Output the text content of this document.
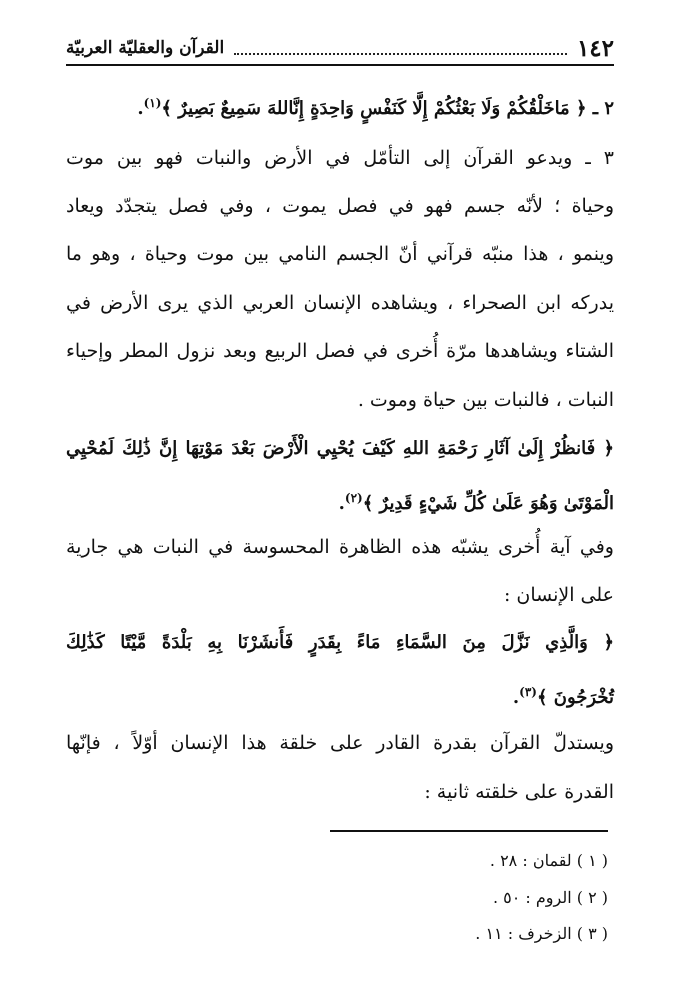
١٤٢
القرآن والعقليّة العربيّة
٢ ـ ﴿ مَاخَلْقُكُمْ وَلَا بَعْثُكُمْ إِلَّا كَنَفْسٍ وَاحِدَةٍ إِنَّاللهَ سَمِيعٌ بَصِيرٌ ﴾$^{(١)}$.
٣ ـ ويدعو القرآن إلى التأمّل في الأرض والنبات فهو بين موت
وحياة ؛ لأنّه جسم فهو في فصل يموت ، وفي فصل يتجدّد ويعاد
وينمو ، هذا منبّه قرآني أنّ الجسم النامي بين موت وحياة ، وهو ما
يدركه ابن الصحراء ، ويشاهده الإنسان العربي الذي يرى الأرض في
الشتاء ويشاهدها مرّة أُخرى في فصل الربيع وبعد نزول المطر وإحياء
النبات ، فالنبات بين حياة وموت .
﴿ فَانظُرْ إِلَىٰ آثَارِ رَحْمَةِ اللهِ كَيْفَ يُحْيِي الْأَرْضَ بَعْدَ مَوْتِهَا إِنَّ ذَٰلِكَ لَمُحْيِي
الْمَوْتَىٰ وَهُوَ عَلَىٰ كُلِّ شَيْءٍ قَدِيرٌ ﴾$^{(٢)}$.
وفي آية أُخرى يشبّه هذه الظاهرة المحسوسة في النبات هي جارية
على الإنسان :
﴿ وَالَّذِي نَزَّلَ مِنَ السَّمَاءِ مَاءً بِقَدَرٍ فَأَنشَرْنَا بِهِ بَلْدَةً مَّيْتًا كَذَٰلِكَ
تُخْرَجُونَ ﴾$^{(٣)}$.
ويستدلّ القرآن بقدرة القادر على خلقة هذا الإنسان أوّلاً ، فإنّها
القدرة على خلقته ثانية :
( ١ ) لقمان : ٢٨ .
( ٢ ) الروم : ٥٠ .
( ٣ ) الزخرف : ١١ .
